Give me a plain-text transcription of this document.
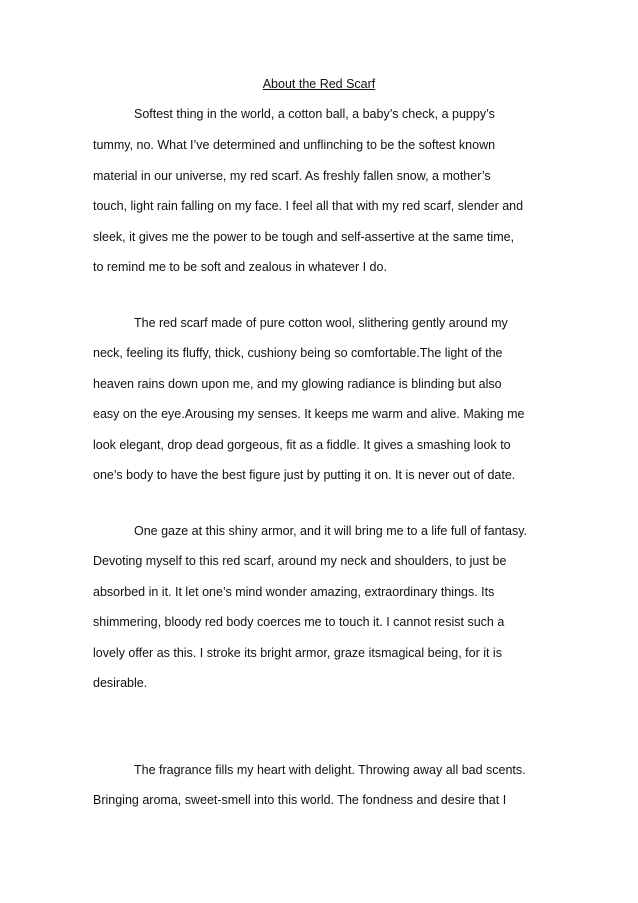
About the Red Scarf
Softest thing in the world, a cotton ball, a baby’s check, a puppy’s
tummy, no. What I’ve determined and unflinching to be the softest known
material in our universe, my red scarf. As freshly fallen snow, a mother’s
touch, light rain falling on my face. I feel all that with my red scarf, slender and
sleek, it gives me the power to be tough and self-assertive at the same time,
to remind me to be soft and zealous in whatever I do.
The red scarf made of pure cotton wool, slithering gently around my
neck, feeling its fluffy, thick, cushiony being so comfortable.The light of the
heaven rains down upon me, and my glowing radiance is blinding but also
easy on the eye.Arousing my senses. It keeps me warm and alive. Making me
look elegant, drop dead gorgeous, fit as a fiddle. It gives a smashing look to
one’s body to have the best figure just by putting it on. It is never out of date.
One gaze at this shiny armor, and it will bring me to a life full of fantasy.
Devoting myself to this red scarf, around my neck and shoulders, to just be
absorbed in it. It let one’s mind wonder amazing, extraordinary things. Its
shimmering, bloody red body coerces me to touch it. I cannot resist such a
lovely offer as this. I stroke its bright armor, graze itsmagical being, for it is
desirable.
The fragrance fills my heart with delight. Throwing away all bad scents.
Bringing aroma, sweet-smell into this world. The fondness and desire that I
